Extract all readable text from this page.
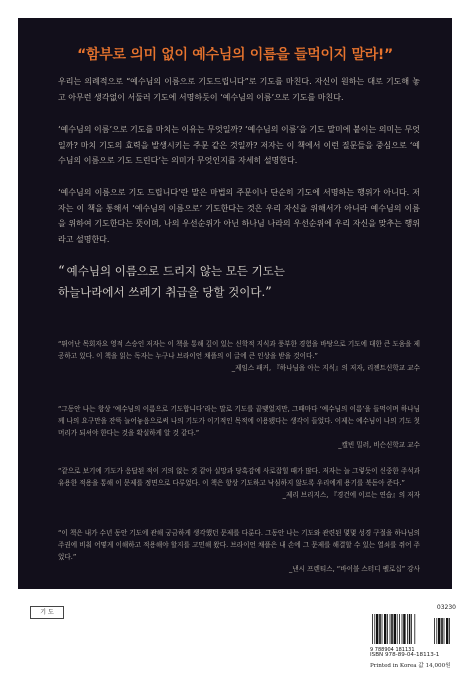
“함부로 의미 없이 예수님의 이름을 들먹이지 말라!”

우리는 의례적으로 “예수님의 이름으로 기도드립니다”로 기도를 마친다. 자신이 원하는 대로 기도해 놓고 아무런 생각없이 서둘러 기도에 서명하듯이 ‘예수님의 이름’으로 기도를 마친다.

‘예수님의 이름’으로 기도를 마치는 이유는 무엇일까? ‘예수님의 이름’을 기도 말미에 붙이는 의미는 무엇일까? 마치 기도의 효력을 발생시키는 주문 같은 것일까? 저자는 이 책에서 이런 질문들을 중심으로 ‘예수님의 이름으로 기도 드린다’는 의미가 무엇인지를 자세히 설명한다.

‘예수님의 이름으로 기도 드립니다’란 말은 마법의 주문이나 단순히 기도에 서명하는 행위가 아니다. 저자는 이 책을 통해서 ‘예수님의 이름으로’ 기도한다는 것은 우리 자신을 위해서가 아니라 예수님의 이름을 위하여 기도한다는 뜻이며, 나의 우선순위가 아닌 하나님 나라의 우선순위에 우리 자신을 맞추는 행위라고 설명한다.

“ 예수님의 이름으로 드리지 않는 모든 기도는
하늘나라에서 쓰레기 취급을 당할 것이다.”

“뛰어난 목회자요 영적 스승인 저자는 이 책을 통해 깊이 있는 신학적 지식과 풍부한 경험을 바탕으로 기도에 대한 큰 도움을 제공하고 있다. 이 책을 읽는 독자는 누구나 브라이언 채플의 이 글에 큰 인상을 받을 것이다.”

_제임스 패커, 『하나님을 아는 지식』의 저자, 리젠트신학교 교수

“그동안 나는 항상 ‘예수님의 이름으로 기도합니다’라는 말로 기도를 끝맺었지만, 그때마다 ‘예수님의 이름’을 들먹이며 하나님께 나의 요구만을 잔뜩 늘어놓음으로써 나의 기도가 이기적인 목적에 이용됐다는 생각이 들었다. 이제는 예수님이 나의 기도 첫머리가 되셔야 한다는 것을 확실하게 알 것 같다.”

_캘빈 밀러, 비슨신학교 교수

“같으로 보기에 기도가 응답된 적이 거의 없는 것 같아 실망과 당혹감에 사로잡힐 때가 많다. 저자는 늘 그렇듯이 신중한 주석과 유용한 적용을 통해 이 문제를 정면으로 다루었다. 이 책은 항상 기도하고 낙심하지 않도록 우리에게 용기를 북돋아 준다.”

_제리 브리지스, 『경건에 이르는 연습』의 저자

“이 책은 내가 수년 동안 기도에 관해 궁금하게 생각했던 문제를 다룬다. 그동안 나는 기도와 관련된 몇몇 성경 구절을 하나님의 주권에 비춰 어떻게 이해하고 적용해야 할지를 고민해 왔다. 브라이언 채플은 내 손에 그 문제를 해결할 수 있는 열쇠를 쥐어 주었다.”

_낸시 프렌티스, “바이블 스터디 펠로십” 강사

기 도
03230
9 788904 181131
ISBN 978-89-04-18113-1
Printed in Korea 값 14,000원
